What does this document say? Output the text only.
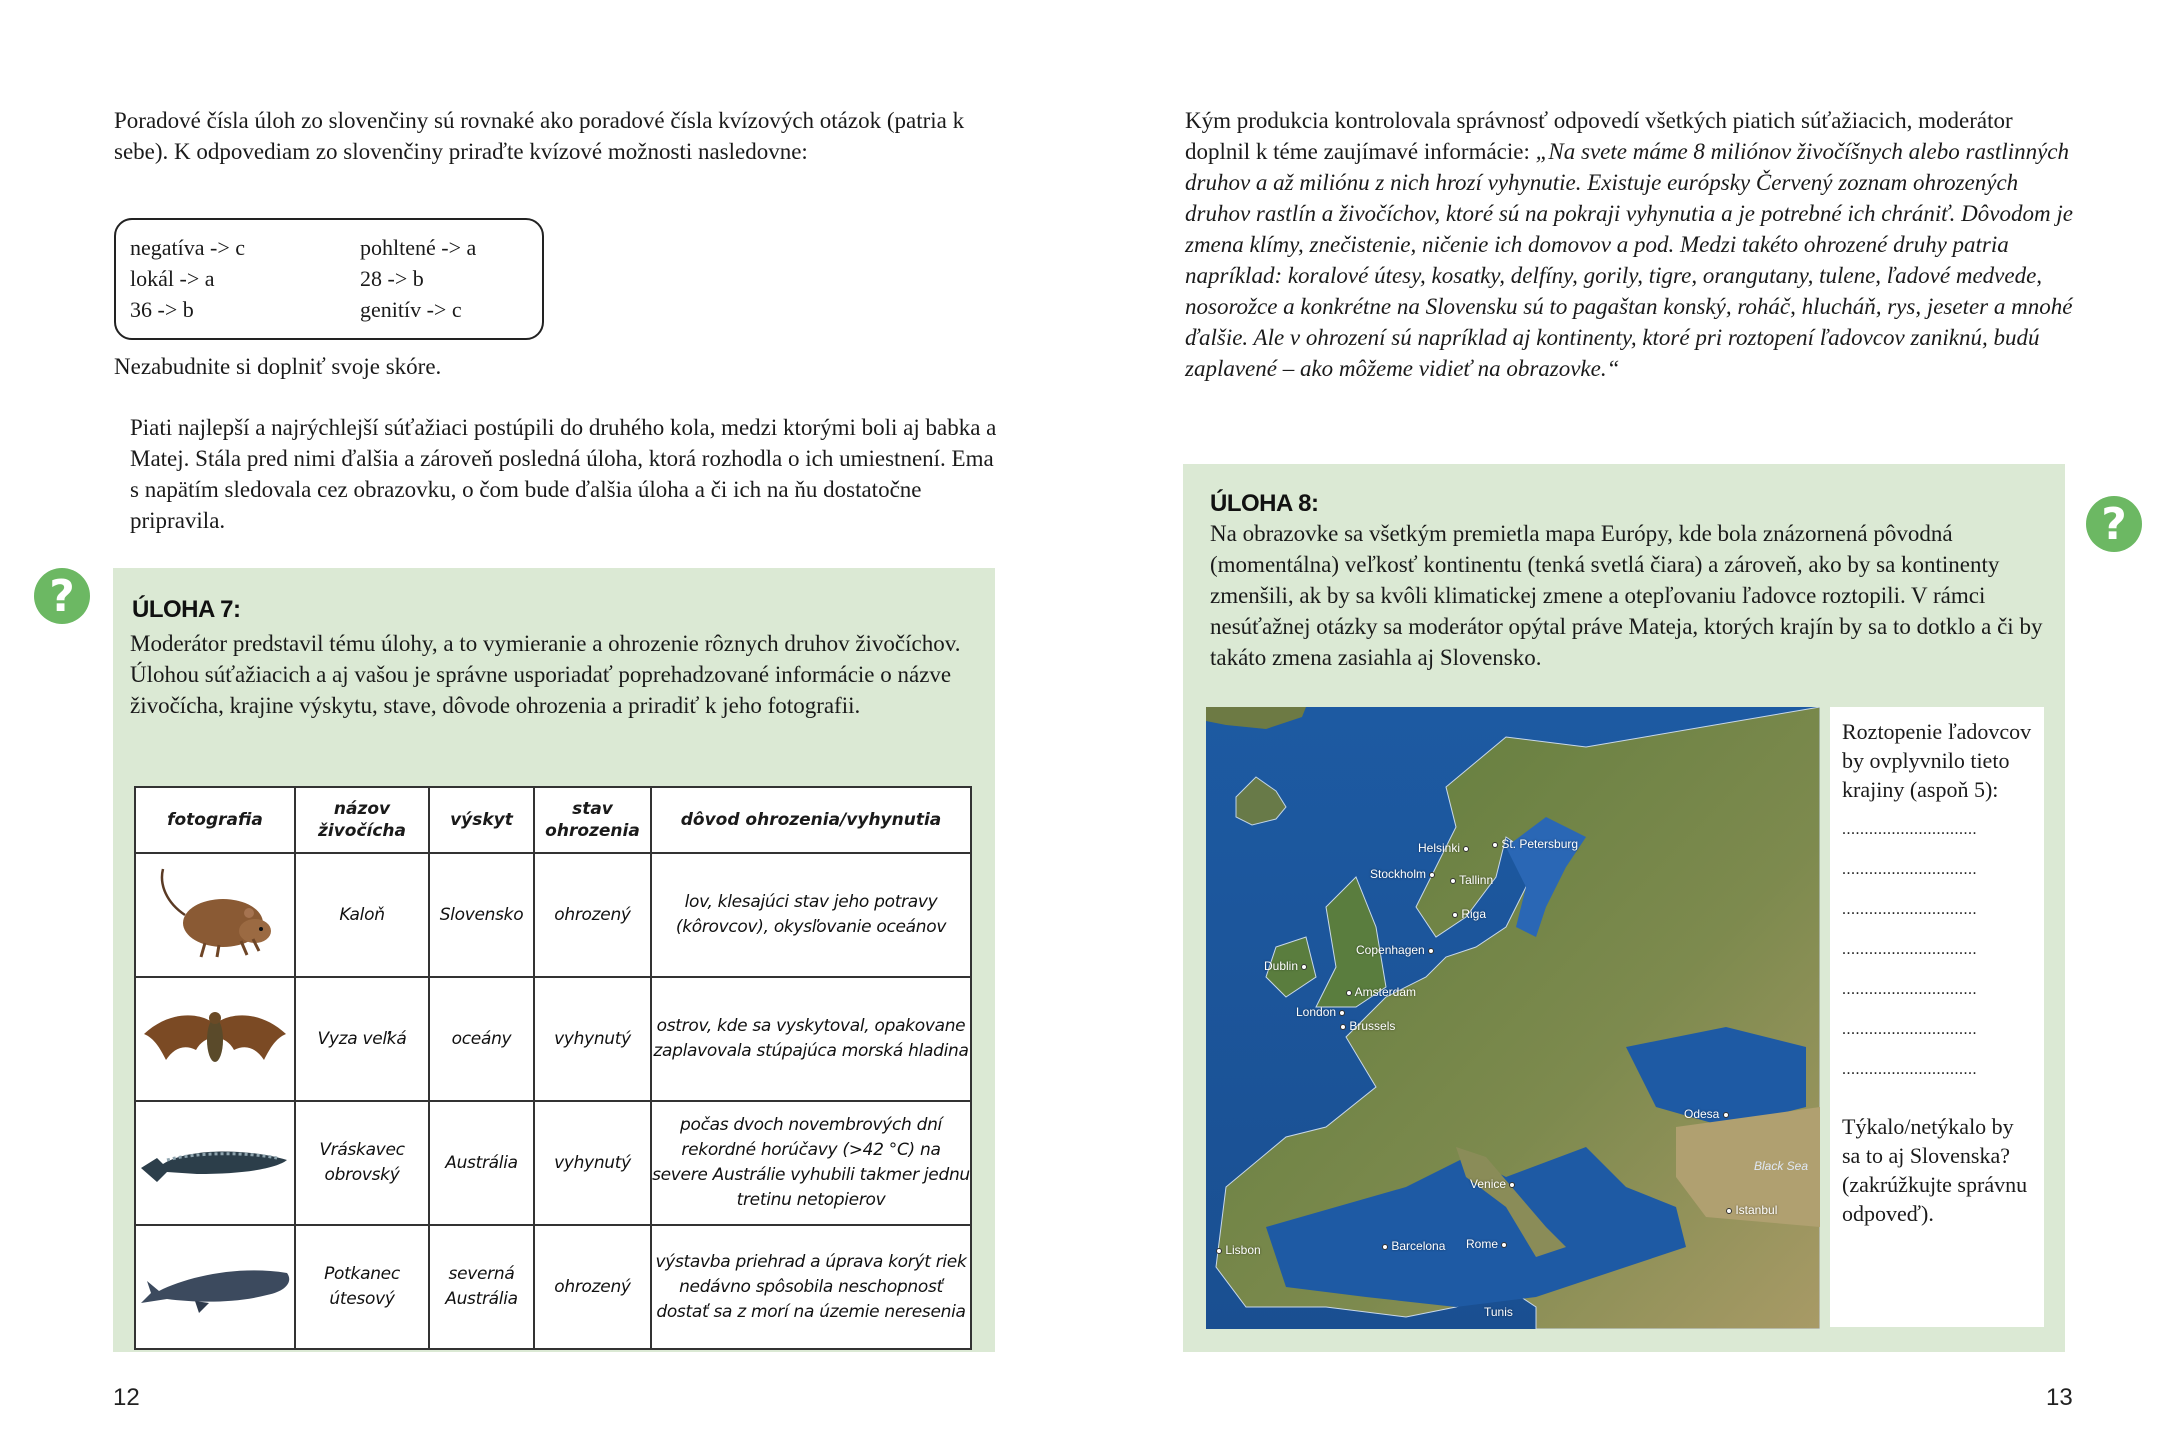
Poradové čísla úloh zo slovenčiny sú rovnaké ako poradové čísla kvízových otázok (patria k sebe). K odpovediam zo slovenčiny priraďte kvízové možnosti nasledovne:

negatíva -> c	pohltené -> a
lokál -> a	28 -> b
36 -> b	genitív -> c

Nezabudnite si doplniť svoje skóre.

Piati najlepší a najrýchlejší súťažiaci postúpili do druhého kola, medzi ktorými boli aj babka a Matej. Stála pred nimi ďalšia a zároveň posledná úloha, ktorá rozhodla o ich umiestnení. Ema s napätím sledovala cez obrazovku, o čom bude ďalšia úloha a či ich na ňu dostatočne pripravila.

? ÚLOHA 7:

Moderátor predstavil tému úlohy, a to vymieranie a ohrozenie rôznych druhov živočíchov. Úlohou súťažiacich a aj vašou je správne usporiadať poprehadzované informácie o názve živočícha, krajine výskytu, stave, dôvode ohrozenia a priradiť k jeho fotografii.

fotografia	názov živočícha	výskyt	stav ohrozenia	dôvod ohrozenia/vyhynutia

	Kaloň	Slovensko	ohrozený	lov, klesajúci stav jeho potravy (kôrovcov), okysľovanie oceánov

	Vyza veľká	oceány	vyhynutý	ostrov, kde sa vyskytoval, opakovane zaplavovala stúpajúca morská hladina

	Vráskavec obrovský	Austrália	vyhynutý	počas dvoch novembrových dní rekordné horúčavy (>42 °C) na severe Austrálie vyhubili takmer jednu tretinu netopierov

	Potkanec útesový	severná Austrália	ohrozený	výstavba priehrad a úprava korýt riek nedávno spôsobila neschopnosť dostať sa z morí na územie neresenia
12

Kým produkcia kontrolovala správnosť odpovedí všetkých piatich súťažiacich, moderátor doplnil k téme zaujímavé informácie: „Na svete máme 8 miliónov živočíšnych alebo rastlinných druhov a až miliónu z nich hrozí vyhynutie. Existuje európsky Červený zoznam ohrozených druhov rastlín a živočíchov, ktoré sú na pokraji vyhynutia a je potrebné ich chrániť. Dôvodom je zmena klímy, znečistenie, ničenie ich domovov a pod. Medzi takéto ohrozené druhy patria napríklad: koralové útesy, kosatky, delfíny, gorily, tigre, orangutany, tulene, ľadové medvede, nosorožce a konkrétne na Slovensku sú to pagaštan konský, roháč, hlucháň, rys, jeseter a mnohé ďalšie. Ale v ohrození sú napríklad aj kontinenty, ktoré pri roztopení ľadovcov zaniknú, budú zaplavené – ako môžeme vidieť na obrazovke.“

?
ÚLOHA 8:

Na obrazovke sa všetkým premietla mapa Európy, kde bola znázornená pôvodná (momentálna) veľkosť kontinentu (tenká svetlá čiara) a zároveň, ako by sa kontinenty zmenšili, ak by sa kvôli klimatickej zmene a otepľovaniu ľadovce roztopili. V rámci nesúťažnej otázky sa moderátor opýtal práve Mateja, ktorých krajín by sa to dotklo a či by takáto zmena zasiahla aj Slovensko.

St. Petersburg
Helsinki
Stockholm	Tallinn
Riga
Copenhagen
Dublin
Amsterdam
London
Brussels
Odesa
Venice
Istanbul
Barcelona Rome
Lisbon
Tunis
Black Sea

Roztopenie ľadovcov by ovplyvnilo tieto krajiny (aspoň 5):

..............................
..............................
..............................
..............................
..............................
..............................
..............................

Týkalo/netýkalo by sa to aj Slovenska? (zakrúžkujte správnu odpoveď).

13
